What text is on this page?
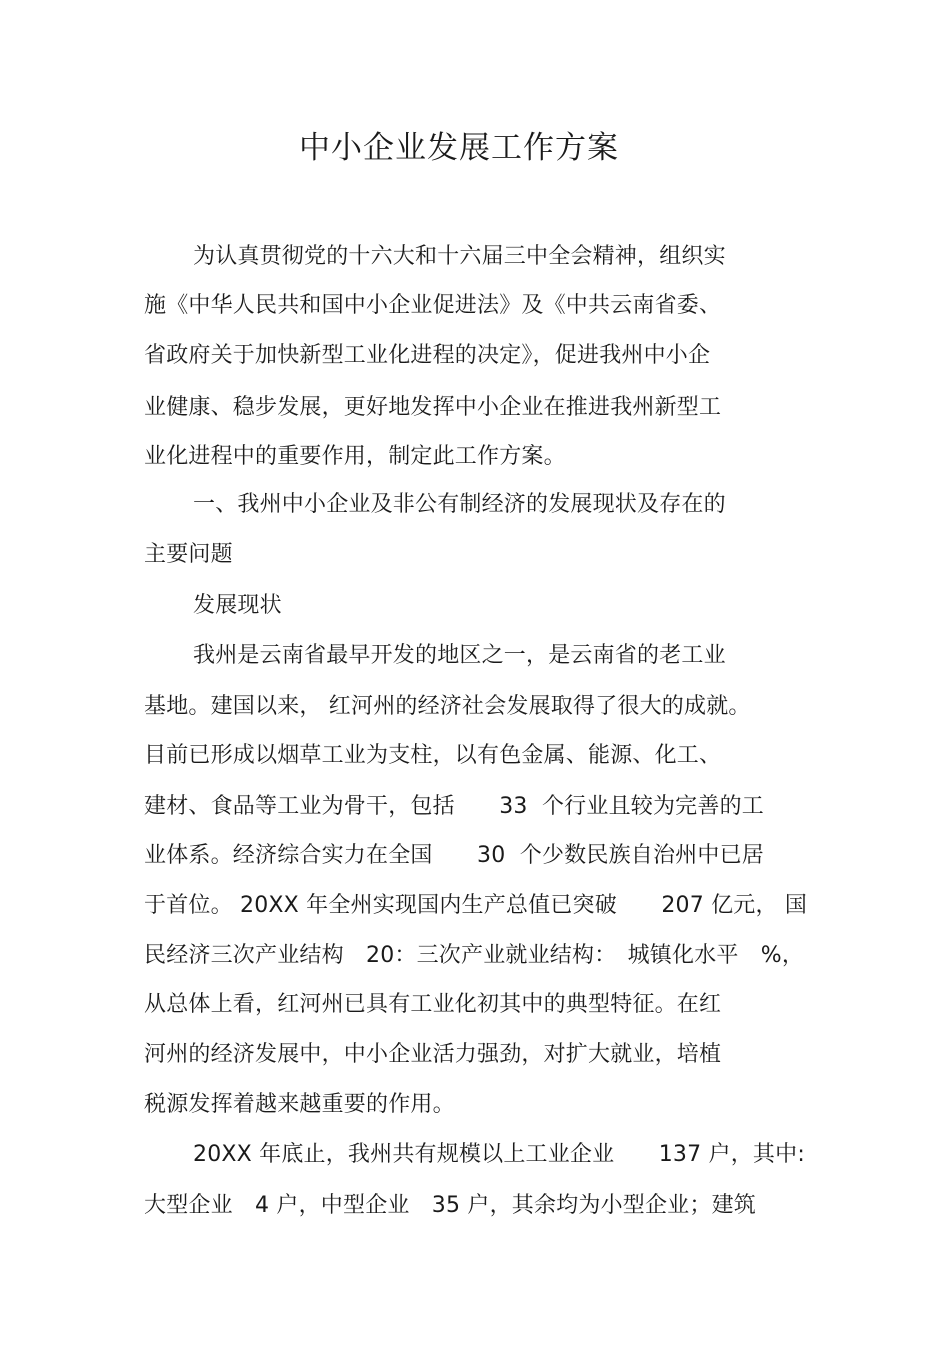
中小企业发展工作方案
为认真贯彻党的十六大和十六届三中全会精神，组织实
施《中华人民共和国中小企业促进法》及《中共云南省委、
省政府关于加快新型工业化进程的决定》，促进我州中小企
业健康、稳步发展，更好地发挥中小企业在推进我州新型工
业化进程中的重要作用，制定此工作方案。
一、我州中小企业及非公有制经济的发展现状及存在的
主要问题
发展现状
我州是云南省最早开发的地区之一，是云南省的老工业
基地。建国以来， 红河州的经济社会发展取得了很大的成就。
目前已形成以烟草工业为支柱，以有色金属、能源、化工、
建材、食品等工业为骨干，包括　　33  个行业且较为完善的工
业体系。经济综合实力在全国　　30  个少数民族自治州中已居
于首位。 20XX 年全州实现国内生产总值已突破　　207 亿元， 国
民经济三次产业结构　20：三次产业就业结构：　城镇化水平　%，
从总体上看，红河州已具有工业化初其中的典型特征。在红
河州的经济发展中，中小企业活力强劲，对扩大就业，培植
税源发挥着越来越重要的作用。
20XX 年底止，我州共有规模以上工业企业　　137 户，其中:
大型企业　4 户，中型企业　35 户，其余均为小型企业；建筑
